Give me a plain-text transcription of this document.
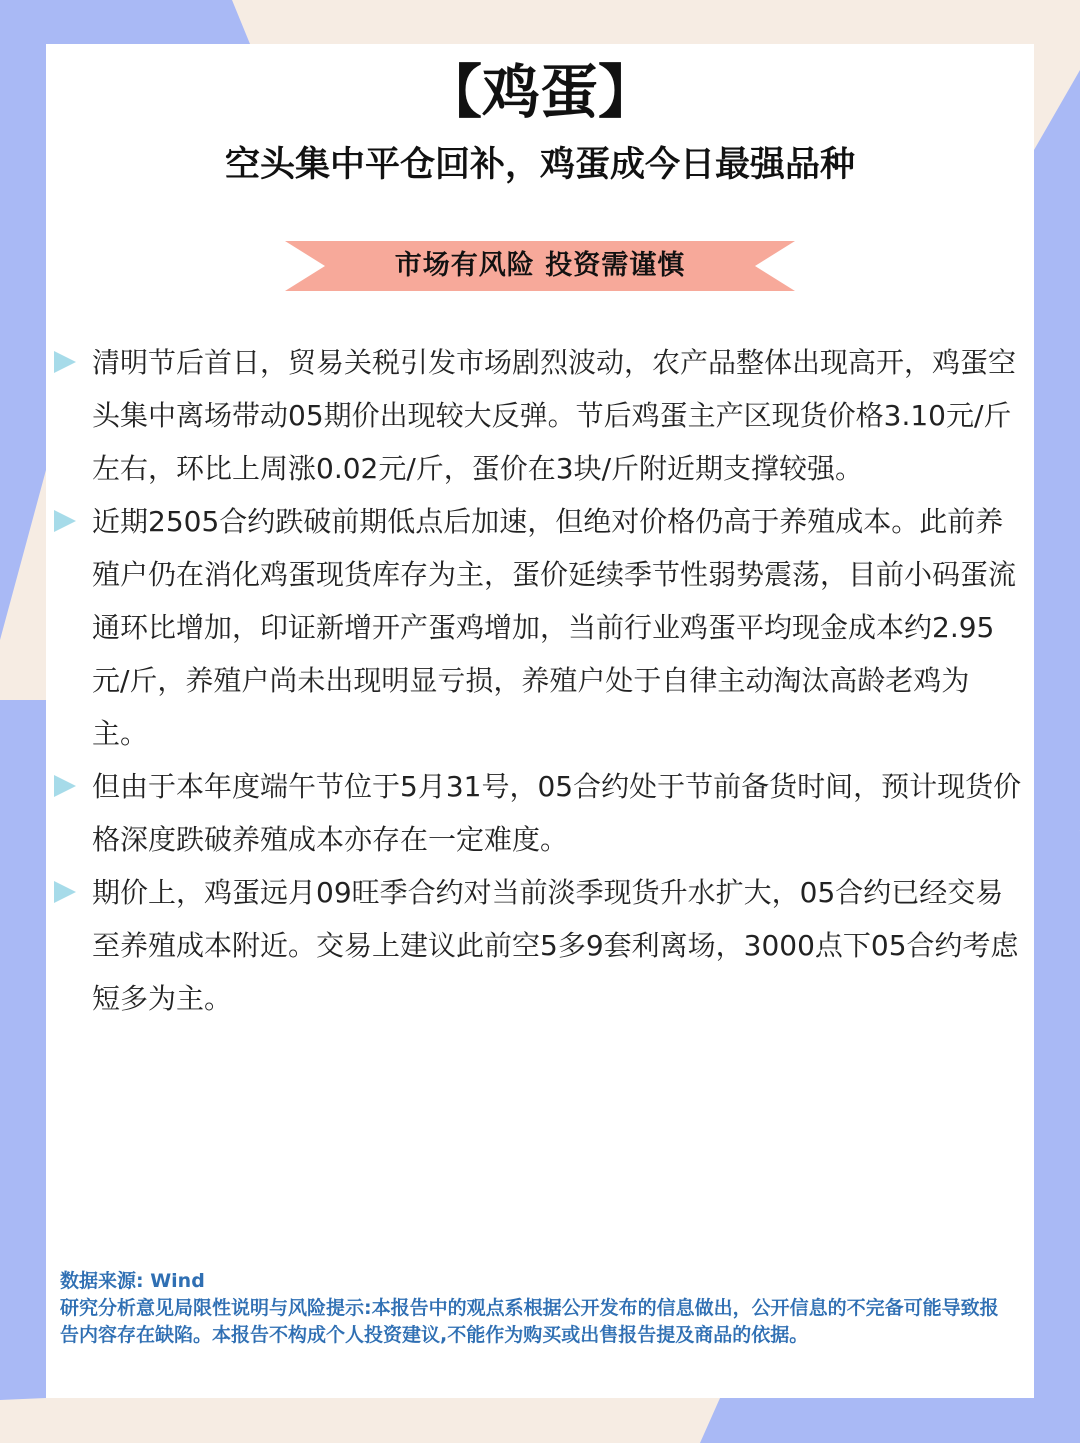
【鸡蛋】
空头集中平仓回补，鸡蛋成今日最强品种
市场有风险 投资需谨慎
清明节后首日，贸易关税引发市场剧烈波动，农产品整体出现高开，鸡蛋空头集中离场带动05期价出现较大反弹。节后鸡蛋主产区现货价格3.10元/斤左右，环比上周涨0.02元/斤，蛋价在3块/斤附近期支撑较强。
近期2505合约跌破前期低点后加速，但绝对价格仍高于养殖成本。此前养殖户仍在消化鸡蛋现货库存为主，蛋价延续季节性弱势震荡，目前小码蛋流通环比增加，印证新增开产蛋鸡增加，当前行业鸡蛋平均现金成本约2.95元/斤，养殖户尚未出现明显亏损，养殖户处于自律主动淘汰高龄老鸡为主。
但由于本年度端午节位于5月31号，05合约处于节前备货时间，预计现货价格深度跌破养殖成本亦存在一定难度。
期价上，鸡蛋远月09旺季合约对当前淡季现货升水扩大，05合约已经交易至养殖成本附近。交易上建议此前空5多9套利离场，3000点下05合约考虑短多为主。

数据来源: Wind

研究分析意见局限性说明与风险提示:本报告中的观点系根据公开发布的信息做出，公开信息的不完备可能导致报告内容存在缺陷。本报告不构成个人投资建议,不能作为购买或出售报告提及商品的依据。
